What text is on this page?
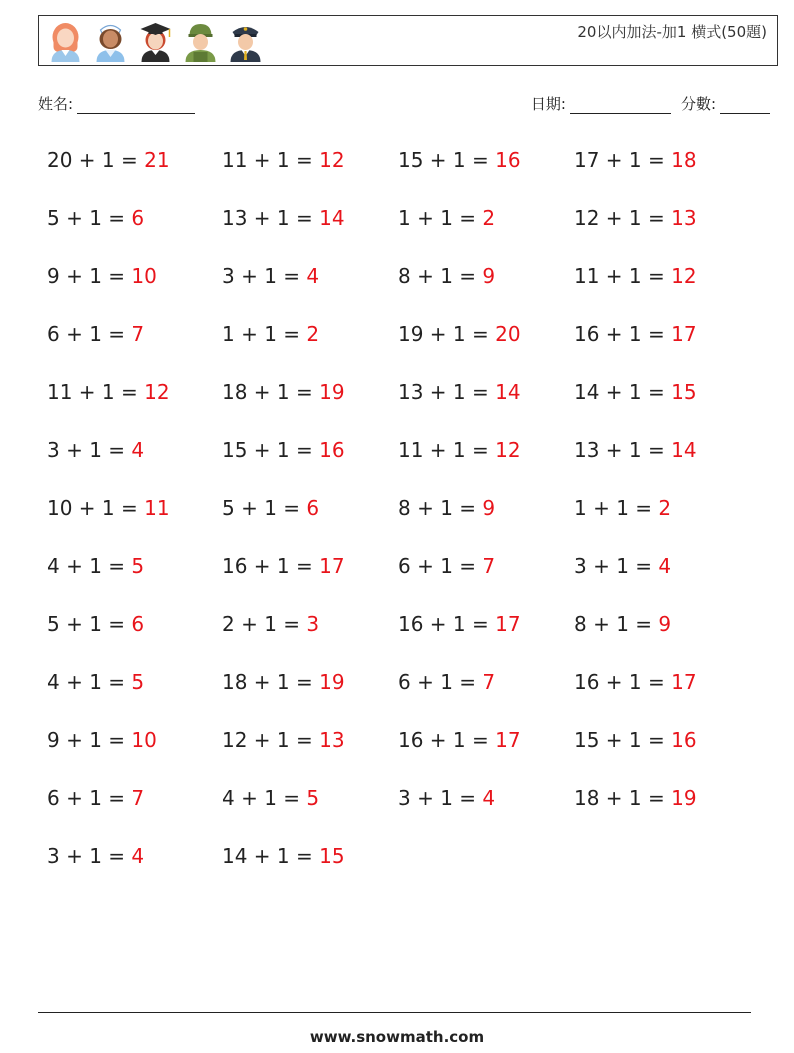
20以内加法-加1 横式(50題)
姓名:	日期:	分數:
20 + 1 = 21	11 + 1 = 12	15 + 1 = 16	17 + 1 = 18
5 + 1 = 6	13 + 1 = 14	1 + 1 = 2	12 + 1 = 13
9 + 1 = 10	3 + 1 = 4	8 + 1 = 9	11 + 1 = 12
6 + 1 = 7	1 + 1 = 2	19 + 1 = 20	16 + 1 = 17
11 + 1 = 12	18 + 1 = 19	13 + 1 = 14	14 + 1 = 15
3 + 1 = 4	15 + 1 = 16	11 + 1 = 12	13 + 1 = 14
10 + 1 = 11	5 + 1 = 6	8 + 1 = 9	1 + 1 = 2
4 + 1 = 5	16 + 1 = 17	6 + 1 = 7	3 + 1 = 4
5 + 1 = 6	2 + 1 = 3	16 + 1 = 17	8 + 1 = 9
4 + 1 = 5	18 + 1 = 19	6 + 1 = 7	16 + 1 = 17
9 + 1 = 10	12 + 1 = 13	16 + 1 = 17	15 + 1 = 16
6 + 1 = 7	4 + 1 = 5	3 + 1 = 4	18 + 1 = 19
3 + 1 = 4	14 + 1 = 15
www.snowmath.com
